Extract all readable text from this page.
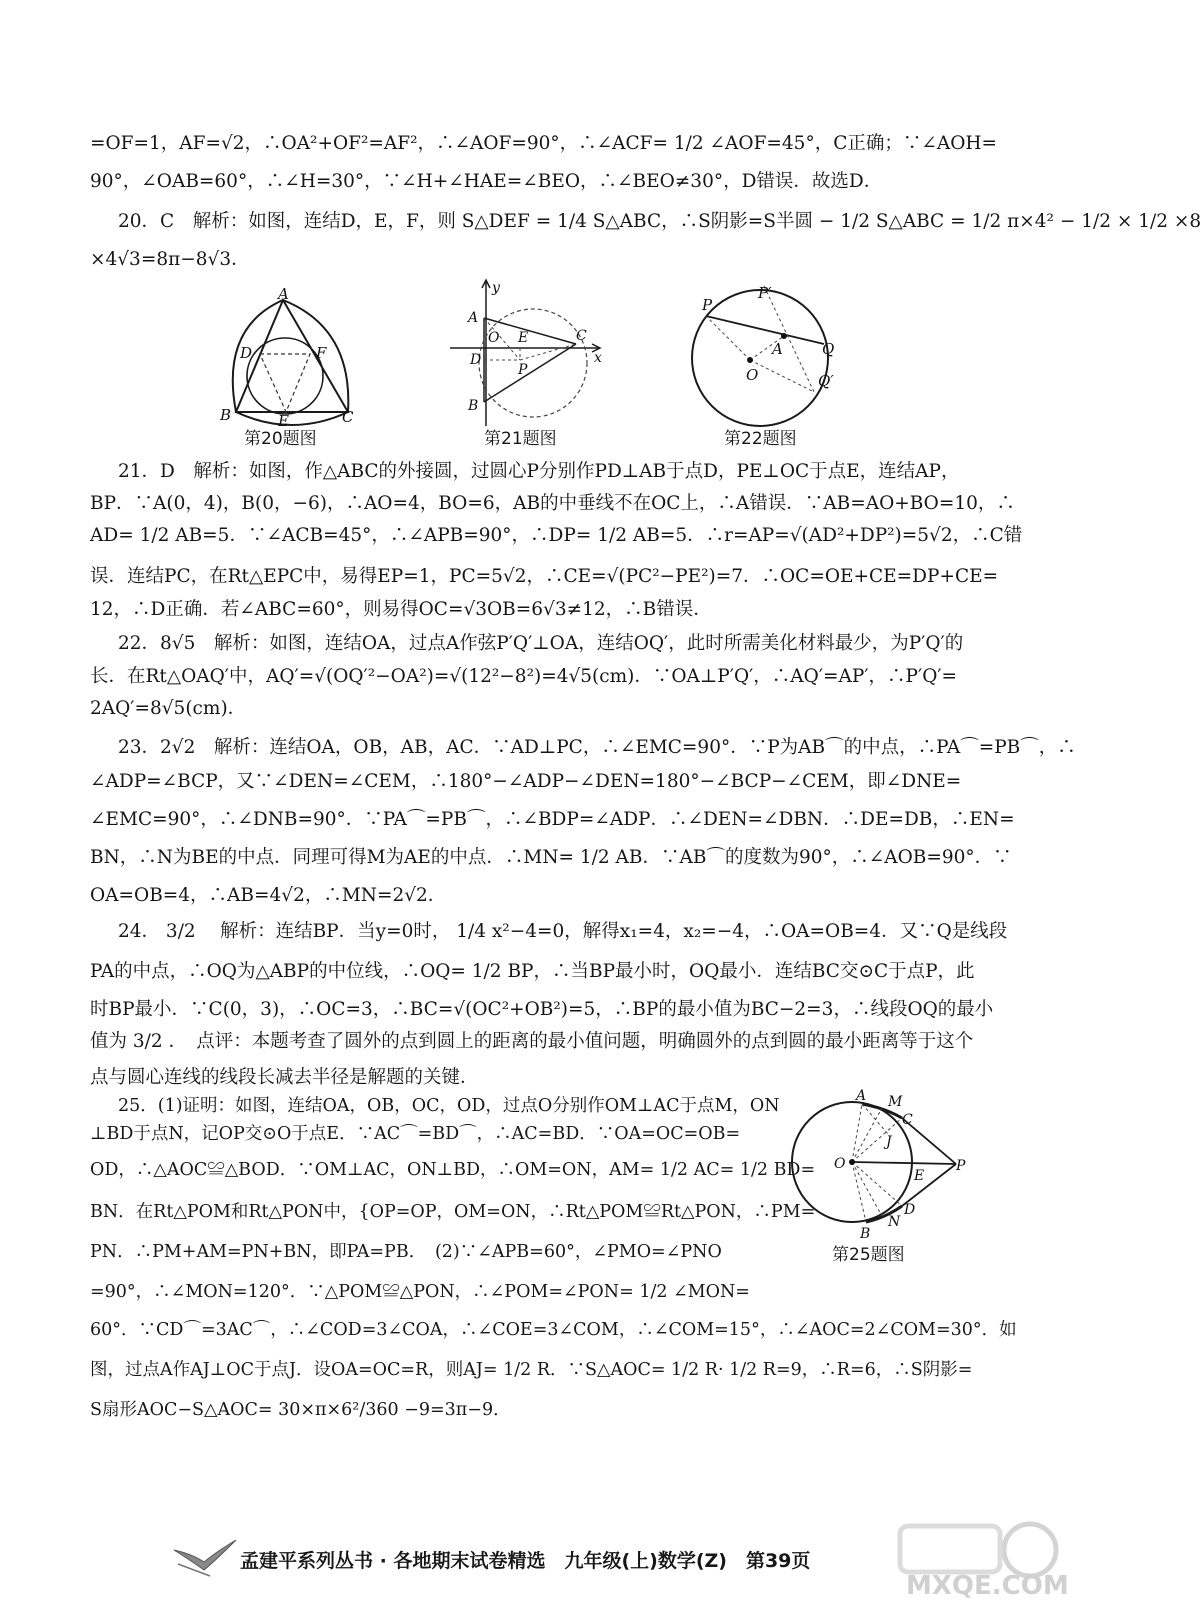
=OF=1，AF=√2，∴OA²+OF²=AF²，∴∠AOF=90°，∴∠ACF= 1/2 ∠AOF=45°，C正确；∵∠AOH=
90°，∠OAB=60°，∴∠H=30°，∵∠H+∠HAE=∠BEO，∴∠BEO≠30°，D错误．故选D．
20．C　解析：如图，连结D，E，F，则 S△DEF = 1/4 S△ABC，∴S阴影=S半圆 − 1/2 S△ABC = 1/2 π×4² − 1/2 × 1/2 ×8
×4√3=8π−8√3．
A
D	F
B	E	C
第20题图
y
A
O E	C
x
D
P
B
第21题图
P
P′
A	Q
O	Q′
第22题图
21．D　解析：如图，作△ABC的外接圆，过圆心P分别作PD⊥AB于点D，PE⊥OC于点E，连结AP，
BP．∵A(0，4)，B(0，−6)，∴AO=4，BO=6，AB的中垂线不在OC上，∴A错误．∵AB=AO+BO=10，∴
AD= 1/2 AB=5．∵∠ACB=45°，∴∠APB=90°，∴DP= 1/2 AB=5．∴r=AP=√(AD²+DP²)=5√2，∴C错
误．连结PC，在Rt△EPC中，易得EP=1，PC=5√2，∴CE=√(PC²−PE²)=7．∴OC=OE+CE=DP+CE=
12，∴D正确．若∠ABC=60°，则易得OC=√3OB=6√3≠12，∴B错误．
22．8√5　解析：如图，连结OA，过点A作弦P′Q′⊥OA，连结OQ′，此时所需美化材料最少，为P′Q′的
长．在Rt△OAQ′中，AQ′=√(OQ′²−OA²)=√(12²−8²)=4√5(cm)．∵OA⊥P′Q′，∴AQ′=AP′，∴P′Q′=
2AQ′=8√5(cm)．
23．2√2　解析：连结OA，OB，AB，AC．∵AD⊥PC，∴∠EMC=90°．∵P为AB⌒的中点，∴PA⌒=PB⌒，∴
∠ADP=∠BCP，又∵∠DEN=∠CEM，∴180°−∠ADP−∠DEN=180°−∠BCP−∠CEM，即∠DNE=
∠EMC=90°，∴∠DNB=90°．∵PA⌒=PB⌒，∴∠BDP=∠ADP．∴∠DEN=∠DBN．∴DE=DB，∴EN=
BN，∴N为BE的中点．同理可得M为AE的中点．∴MN= 1/2 AB．∵AB⌒的度数为90°，∴∠AOB=90°．∵
OA=OB=4，∴AB=4√2，∴MN=2√2．
24． 3/2 　解析：连结BP．当y=0时， 1/4 x²−4=0，解得x₁=4，x₂=−4，∴OA=OB=4．又∵Q是线段
PA的中点，∴OQ为△ABP的中位线，∴OQ= 1/2 BP，∴当BP最小时，OQ最小．连结BC交⊙C于点P，此
时BP最小．∵C(0，3)，∴OC=3，∴BC=√(OC²+OB²)=5，∴BP的最小值为BC−2=3，∴线段OQ的最小
值为 3/2 ．　点评：本题考查了圆外的点到圆上的距离的最小值问题，明确圆外的点到圆的最小距离等于这个
点与圆心连线的线段长减去半径是解题的关键．
25．(1)证明：如图，连结OA，OB，OC，OD，过点O分别作OM⊥AC于点M，ON
⊥BD于点N，记OP交⊙O于点E．∵AC⌒=BD⌒，∴AC=BD．∵OA=OC=OB=
OD，∴△AOC≌△BOD．∵OM⊥AC，ON⊥BD，∴OM=ON，AM= 1/2 AC= 1/2 BD=
BN．在Rt△POM和Rt△PON中，{OP=OP，OM=ON，∴Rt△POM≌Rt△PON，∴PM=
PN．∴PM+AM=PN+BN，即PA=PB．　(2)∵∠APB=60°，∠PMO=∠PNO
=90°，∴∠MON=120°．∵△POM≌△PON，∴∠POM=∠PON= 1/2 ∠MON=
A M
C
J
O
E
P
D
N
B
第25题图
60°．∵CD⌒=3AC⌒，∴∠COD=3∠COA，∴∠COE=3∠COM，∴∠COM=15°，∴∠AOC=2∠COM=30°．如
图，过点A作AJ⊥OC于点J．设OA=OC=R，则AJ= 1/2 R．∵S△AOC= 1/2 R· 1/2 R=9，∴R=6，∴S阴影=
S扇形AOC−S△AOC= 30×π×6²/360 −9=3π−9．
孟建平系列丛书 · 各地期末试卷精选　九年级(上)数学(Z)　第39页
MXQE.COM
